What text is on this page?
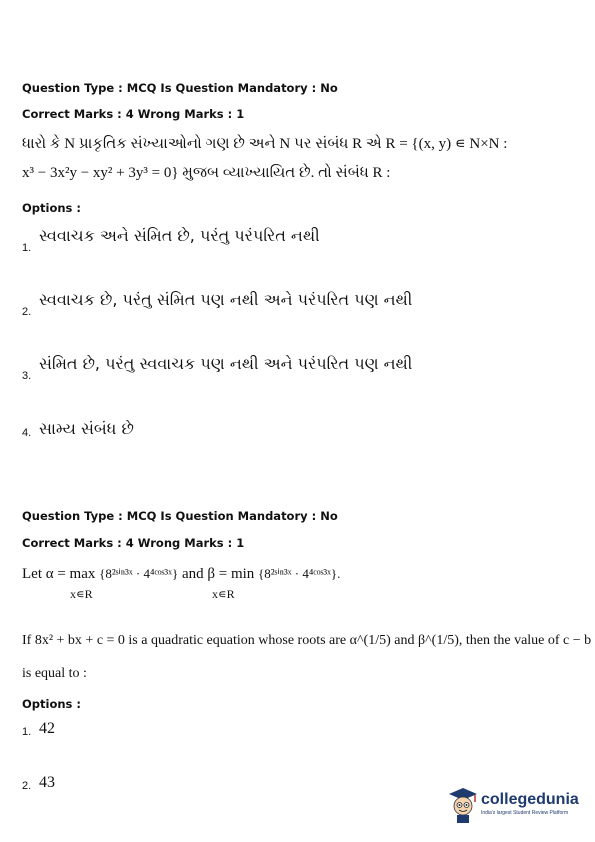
Question Type : MCQ Is Question Mandatory : No
Correct Marks : 4 Wrong Marks : 1
ધારો કે N પ્રાકૃતિક સંખ્યાઓનો ગણ છે અને N પર સંબંધ R એ R = {(x, y) ∊ N×N :
x³ − 3x²y − xy² + 3y³ = 0} મુજબ વ્યાખ્યાયિત છે. તો સંબંધ R :
Options :
1.
સ્વવાચક અને સંમિત છે, પરંતુ પરંપરિત નથી
2.
સ્વવાચક છે, પરંતુ સંમિત પણ નથી અને પરંપરિત પણ નથી
3.
સંમિત છે, પરંતુ સ્વવાચક પણ નથી અને પરંપરિત પણ નથી
4. સામ્ય સંબંધ છે
Question Type : MCQ Is Question Mandatory : No
Correct Marks : 4 Wrong Marks : 1
Let α = max {8²ˢⁱⁿ³ˣ · 4⁴ᶜᵒˢ³ˣ} and β = min {8²ˢⁱⁿ³ˣ · 4⁴ᶜᵒˢ³ˣ}.
x∊R	x∊R
If 8x² + bx + c = 0 is a quadratic equation whose roots are α^(1/5) and β^(1/5), then the value of c − b
is equal to :
Options :
1. 42
2. 43
collegedunia
India's largest Student Review Platform
